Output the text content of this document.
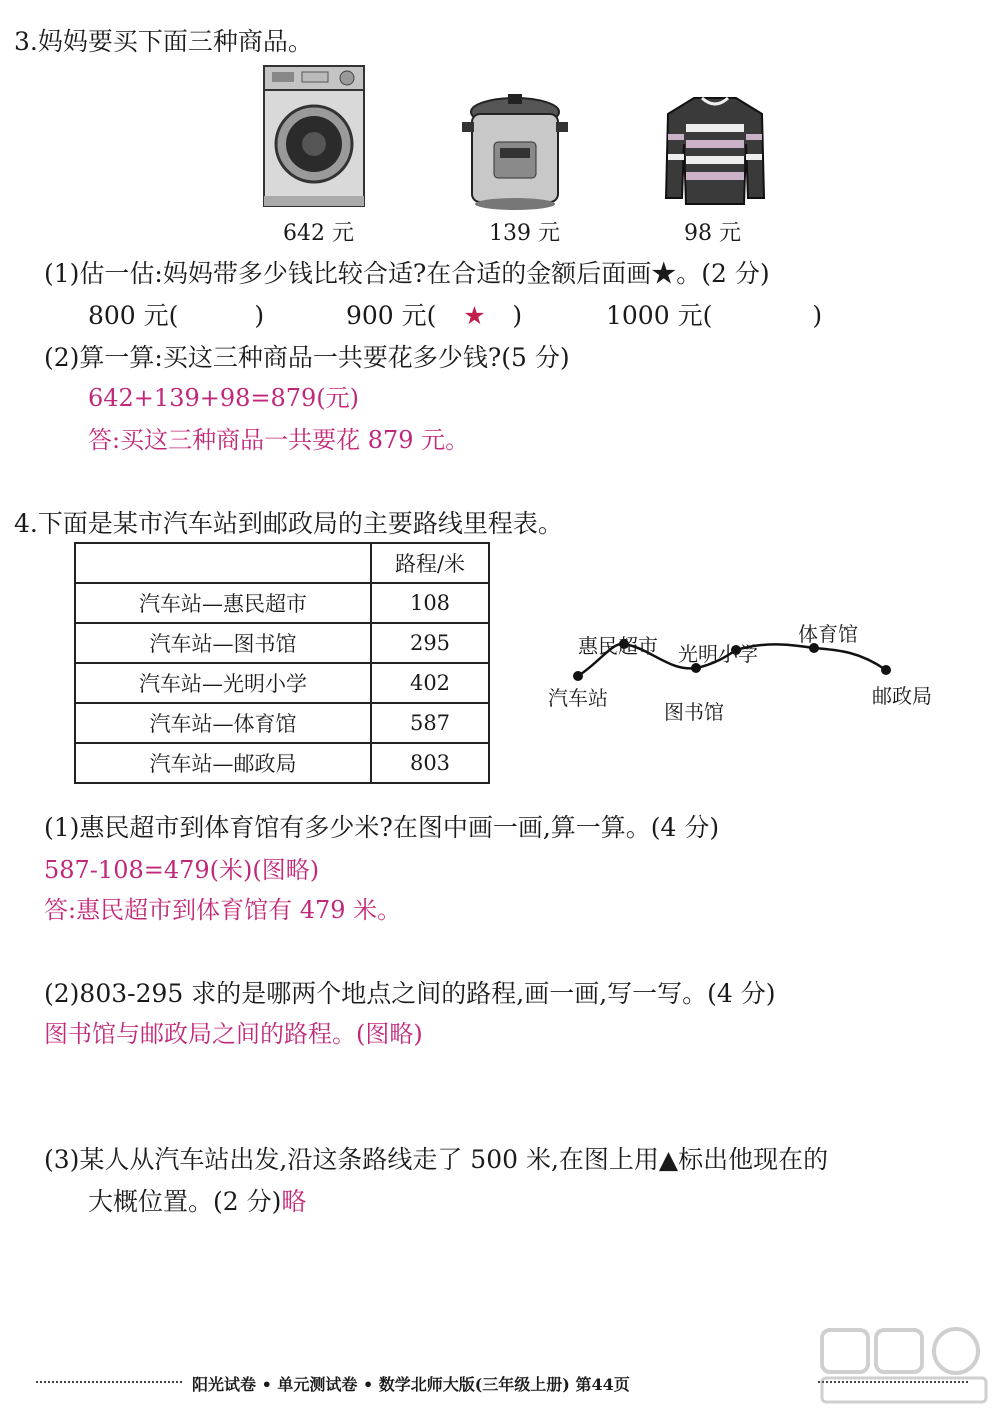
3.妈妈要买下面三种商品。
642 元	139 元	98 元
(1)估一估:妈妈带多少钱比较合适?在合适的金额后面画★。(2 分)
800 元(	)	900 元( ★ )	1000 元(	)
(2)算一算:买这三种商品一共要花多少钱?(5 分)
642+139+98=879(元)
答:买这三种商品一共要花 879 元。
4.下面是某市汽车站到邮政局的主要路线里程表。
	路程/米
汽车站—惠民超市	108
汽车站—图书馆	295
汽车站—光明小学	402
汽车站—体育馆	587
汽车站—邮政局	803
汽车站
惠民超市
图书馆
光明小学
体育馆
邮政局
(1)惠民超市到体育馆有多少米?在图中画一画,算一算。(4 分)
587-108=479(米)(图略)
答:惠民超市到体育馆有 479 米。
(2)803-295 求的是哪两个地点之间的路程,画一画,写一写。(4 分)
图书馆与邮政局之间的路程。(图略)
(3)某人从汽车站出发,沿这条路线走了 500 米,在图上用▲标出他现在的
大概位置。(2 分)略
阳光试卷 • 单元测试卷 • 数学北师大版(三年级上册) 第44页
